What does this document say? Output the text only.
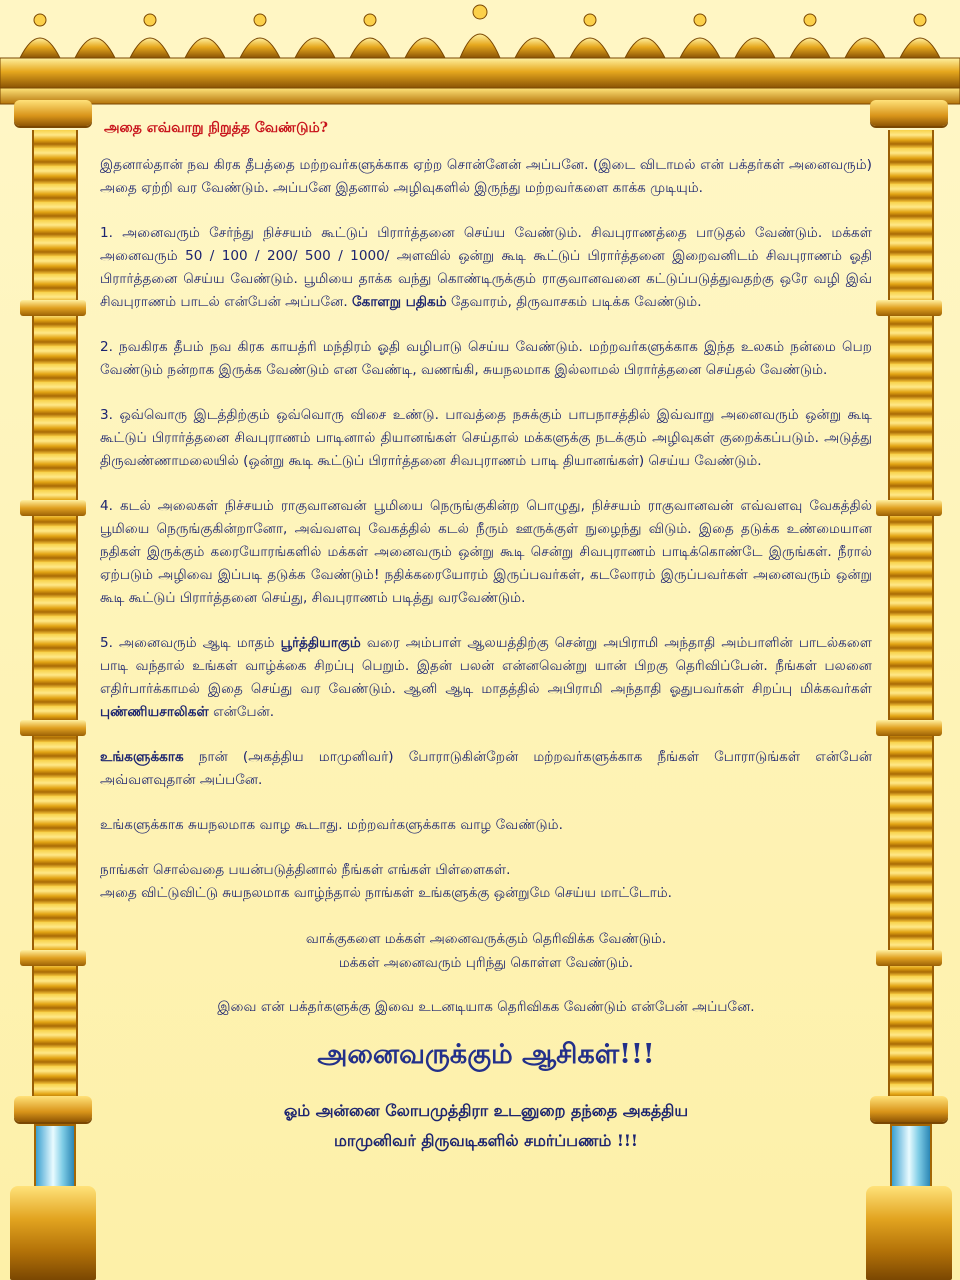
அதை எவ்வாறு நிறுத்த வேண்டும்?

இதனால்தான் நவ கிரக தீபத்தை மற்றவர்களுக்காக ஏற்ற சொன்னேன் அப்பனே. (இடை விடாமல் என் பக்தர்கள் அனைவரும்) அதை ஏற்றி வர வேண்டும். அப்பனே இதனால் அழிவுகளில் இருந்து மற்றவர்களை காக்க முடியும்.

1. அனைவரும் சேர்ந்து நிச்சயம் கூட்டுப் பிரார்த்தனை செய்ய வேண்டும். சிவபுராணத்தை பாடுதல் வேண்டும். மக்கள் அனைவரும் 50 / 100 / 200/ 500 / 1000/ அளவில் ஒன்று கூடி கூட்டுப் பிரார்த்தனை இறைவனிடம் சிவபுராணம் ஓதி பிரார்த்தனை செய்ய வேண்டும். பூமியை தாக்க வந்து கொண்டிருக்கும் ராகுவானவனை கட்டுப்படுத்துவதற்கு ஒரே வழி இவ் சிவபுராணம் பாடல் என்பேன் அப்பனே. கோளறு பதிகம் தேவாரம், திருவாசகம் படிக்க வேண்டும்.

2. நவகிரக தீபம் நவ கிரக காயத்ரி மந்திரம் ஓதி வழிபாடு செய்ய வேண்டும். மற்றவர்களுக்காக இந்த உலகம் நன்மை பெற வேண்டும் நன்றாக இருக்க வேண்டும் என வேண்டி, வணங்கி, சுயநலமாக இல்லாமல் பிரார்த்தனை செய்தல் வேண்டும்.

3. ஒவ்வொரு இடத்திற்கும் ஒவ்வொரு விசை உண்டு. பாவத்தை நசுக்கும் பாபநாசத்தில் இவ்வாறு அனைவரும் ஒன்று கூடி கூட்டுப் பிரார்த்தனை சிவபுராணம் பாடினால் தியானங்கள் செய்தால் மக்களுக்கு நடக்கும் அழிவுகள் குறைக்கப்படும். அடுத்து திருவண்ணாமலையில் (ஒன்று கூடி கூட்டுப் பிரார்த்தனை சிவபுராணம் பாடி தியானங்கள்) செய்ய வேண்டும்.

4. கடல் அலைகள் நிச்சயம் ராகுவானவன் பூமியை நெருங்குகின்ற பொழுது, நிச்சயம் ராகுவானவன் எவ்வளவு வேகத்தில் பூமியை நெருங்குகின்றானோ, அவ்வளவு வேகத்தில் கடல் நீரும் ஊருக்குள் நுழைந்து விடும். இதை தடுக்க உண்மையான நதிகள் இருக்கும் கரையோரங்களில் மக்கள் அனைவரும் ஒன்று கூடி சென்று சிவபுராணம் பாடிக்கொண்டே இருங்கள். நீரால் ஏற்படும் அழிவை இப்படி தடுக்க வேண்டும்! நதிக்கரையோரம் இருப்பவர்கள், கடலோரம் இருப்பவர்கள் அனைவரும் ஒன்று கூடி கூட்டுப் பிரார்த்தனை செய்து, சிவபுராணம் படித்து வரவேண்டும்.

5. அனைவரும் ஆடி மாதம் பூர்த்தியாகும் வரை அம்பாள் ஆலயத்திற்கு சென்று அபிராமி அந்தாதி அம்பாளின் பாடல்களை பாடி வந்தால் உங்கள் வாழ்க்கை சிறப்பு பெறும். இதன் பலன் என்னவென்று யான் பிறகு தெரிவிப்பேன். நீங்கள் பலனை எதிர்பார்க்காமல் இதை செய்து வர வேண்டும். ஆனி ஆடி மாதத்தில் அபிராமி அந்தாதி ஓதுபவர்கள் சிறப்பு மிக்கவர்கள் புண்ணியசாலிகள் என்பேன்.

உங்களுக்காக நான் (அகத்திய மாமுனிவர்) போராடுகின்றேன் மற்றவர்களுக்காக நீங்கள் போராடுங்கள் என்பேன் அவ்வளவுதான் அப்பனே.

உங்களுக்காக சுயநலமாக வாழ கூடாது. மற்றவர்களுக்காக வாழ வேண்டும்.

நாங்கள் சொல்வதை பயன்படுத்தினால் நீங்கள் எங்கள் பிள்ளைகள்.
அதை விட்டுவிட்டு சுயநலமாக வாழ்ந்தால் நாங்கள் உங்களுக்கு ஒன்றுமே செய்ய மாட்டோம்.

வாக்குகளை மக்கள் அனைவருக்கும் தெரிவிக்க வேண்டும்.
மக்கள் அனைவரும் புரிந்து கொள்ள வேண்டும்.

இவை என் பக்தர்களுக்கு இவை உடனடியாக தெரிவிகக வேண்டும் என்பேன் அப்பனே.

அனைவருக்கும் ஆசிகள்!!!
ஓம் அன்னை லோபமுத்திரா உடனுறை தந்தை அகத்திய
மாமுனிவர் திருவடிகளில் சமர்ப்பணம் !!!
